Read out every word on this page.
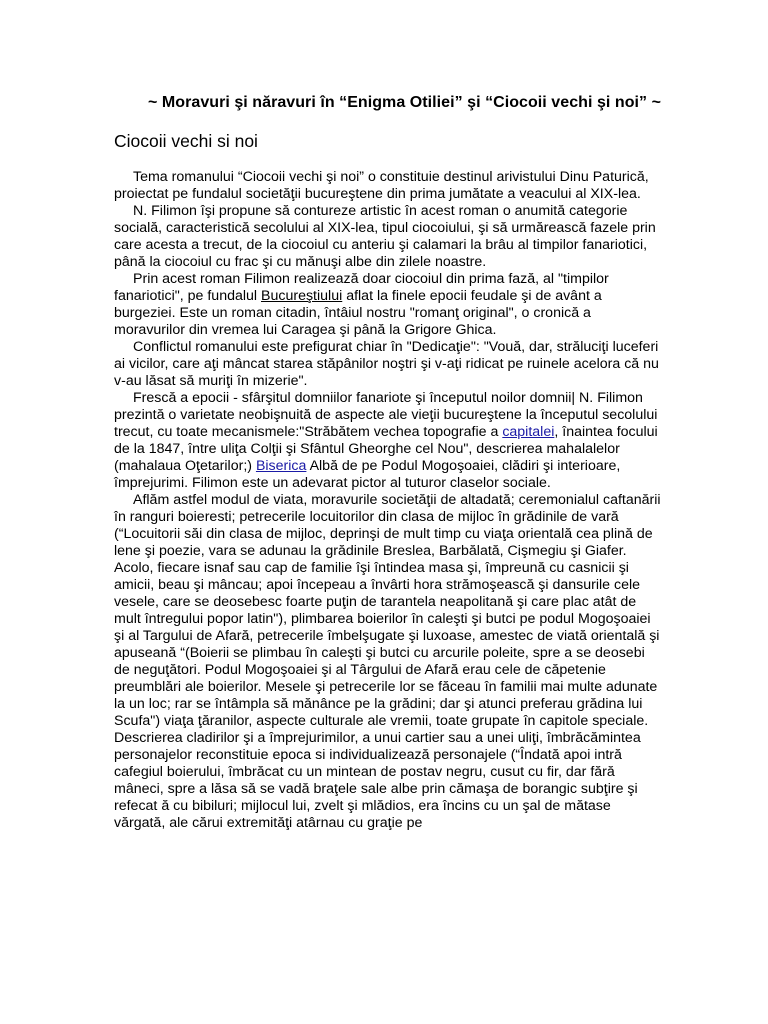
~ Moravuri şi năravuri în “Enigma Otiliei” şi “Ciocoii vechi şi noi” ~
Ciocoii vechi si noi

Tema romanului “Ciocoii vechi şi noi” o constituie destinul arivistului Dinu Paturică, proiectat pe fundalul societăţii bucureştene din prima jumătate a veacului al XIX-lea.

N. Filimon îşi propune să contureze artistic în acest roman o anumită categorie socială, caracteristică secolului al XIX-lea, tipul ciocoiului, şi să urmărească fazele prin care acesta a trecut, de la ciocoiul cu anteriu şi calamari la brâu al timpilor fanariotici, până la ciocoiul cu frac şi cu mănuşi albe din zilele noastre.

Prin acest roman Filimon realizează doar ciocoiul din prima fază, al "timpilor fanariotici", pe fundalul Bucureştiului aflat la finele epocii feudale şi de avânt a burgeziei. Este un roman citadin, întâiul nostru "romanţ original", o cronică a moravurilor din vremea lui Caragea şi până la Grigore Ghica.

Conflictul romanului este prefigurat chiar în "Dedicaţie": "Vouă, dar, străluciţi luceferi ai vicilor, care aţi mâncat starea stăpânilor noştri şi v-aţi ridicat pe ruinele acelora că nu v-au lăsat să muriţi în mizerie".

Frescă a epocii - sfârşitul domniilor fanariote şi începutul noilor domnii| N. Filimon prezintă o varietate neobişnuită de aspecte ale vieţii bucureştene la începutul secolului trecut, cu toate mecanismele:"Străbătem vechea topografie a capitalei, înaintea focului de la 1847, între uliţa Colţii şi Sfântul Gheorghe cel Nou", descrierea mahalalelor (mahalaua Oţetarilor;) Biserica Albă de pe Podul Mogoşoaiei, clădiri şi interioare, împrejurimi. Filimon este un adevarat pictor al tuturor claselor sociale.

Aflăm astfel modul de viata, moravurile societăţii de altadată; ceremonialul caftanării în ranguri boieresti; petrecerile locuitorilor din clasa de mijloc în grădinile de vară (“Locuitorii săi din clasa de mijloc, deprinşi de mult timp cu viaţa orientală cea plină de lene şi poezie, vara se adunau la grădinile Breslea, Barbălată, Cişmegiu şi Giafer. Acolo, fiecare isnaf sau cap de familie îşi întindea masa şi, împreună cu casnicii şi amicii, beau şi mâncau; apoi începeau a învârti hora strămoşească şi dansurile cele vesele, care se deosebesc foarte puţin de tarantela neapolitană şi care plac atât de mult întregului popor latin"), plimbarea boierilor în caleşti şi butci pe podul Mogoşoaiei şi al Targului de Afară, petrecerile îmbelşugate şi luxoase, amestec de viată orientală şi apuseană “(Boierii se plimbau în caleşti şi butci cu arcurile poleite, spre a se deosebi de neguţători. Podul Mogoşoaiei şi al Târgului de Afară erau cele de căpetenie preumblări ale boierilor. Mesele şi petrecerile lor se făceau în familii mai multe adunate la un loc; rar se întâmpla să mănânce pe la grădini; dar şi atunci preferau grădina lui Scufa") viaţa ţăranilor, aspecte culturale ale vremii, toate grupate în capitole speciale. Descrierea cladirilor şi a împrejurimilor, a unui cartier sau a unei uliţi, îmbrăcămintea personajelor reconstituie epoca si individualizează personajele (“Îndată apoi intră cafegiul boierului, îmbrăcat cu un mintean de postav negru, cusut cu fir, dar fără mâneci, spre a lăsa să se vadă braţele sale albe prin cămaşa de borangic subţire şi refecat ă cu bibiluri; mijlocul lui, zvelt şi mlădios, era încins cu un şal de mătase vărgată, ale cărui extremităţi atârnau cu graţie pe
